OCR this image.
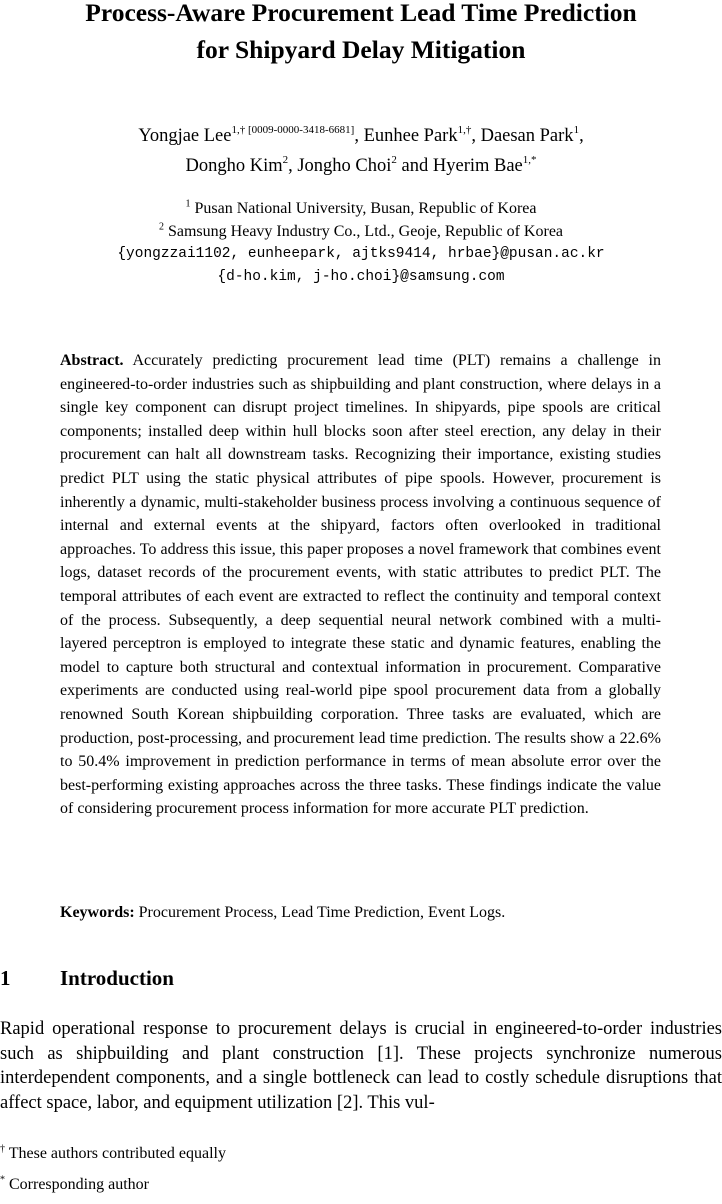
Process-Aware Procurement Lead Time Prediction
for Shipyard Delay Mitigation
Yongjae Lee$^{1,\dagger [0009-0000-3418-6681]}$, Eunhee Park$^{1,\dagger}$, Daesan Park$^1$,
Dongho Kim$^2$, Jongho Choi$^2$ and Hyerim Bae$^{1,*}$
$^1$ Pusan National University, Busan, Republic of Korea
$^2$ Samsung Heavy Industry Co., Ltd., Geoje, Republic of Korea
{yongzzai1102, eunheepark, ajtks9414, hrbae}@pusan.ac.kr
{d-ho.kim, j-ho.choi}@samsung.com
Abstract. Accurately predicting procurement lead time (PLT) remains a challenge in engineered-to-order industries such as shipbuilding and plant construction, where delays in a single key component can disrupt project timelines. In shipyards, pipe spools are critical components; installed deep within hull blocks soon after steel erection, any delay in their procurement can halt all downstream tasks. Recognizing their importance, existing studies predict PLT using the static physical attributes of pipe spools. However, procurement is inherently a dynamic, multi-stakeholder business process involving a continuous sequence of internal and external events at the shipyard, factors often overlooked in traditional approaches. To address this issue, this paper proposes a novel framework that combines event logs, dataset records of the procurement events, with static attributes to predict PLT. The temporal attributes of each event are extracted to reflect the continuity and temporal context of the process. Subsequently, a deep sequential neural network combined with a multi-layered perceptron is employed to integrate these static and dynamic features, enabling the model to capture both structural and contextual information in procurement. Comparative experiments are conducted using real-world pipe spool procurement data from a globally renowned South Korean shipbuilding corporation. Three tasks are evaluated, which are production, post-processing, and procurement lead time prediction. The results show a 22.6% to 50.4% improvement in prediction performance in terms of mean absolute error over the best-performing existing approaches across the three tasks. These findings indicate the value of considering procurement process information for more accurate PLT prediction.
Keywords: Procurement Process, Lead Time Prediction, Event Logs.
1 Introduction
Rapid operational response to procurement delays is crucial in engineered-to-order industries such as shipbuilding and plant construction [1]. These projects synchronize numerous interdependent components, and a single bottleneck can lead to costly schedule disruptions that affect space, labor, and equipment utilization [2]. This vul-
† These authors contributed equally
* Corresponding author
